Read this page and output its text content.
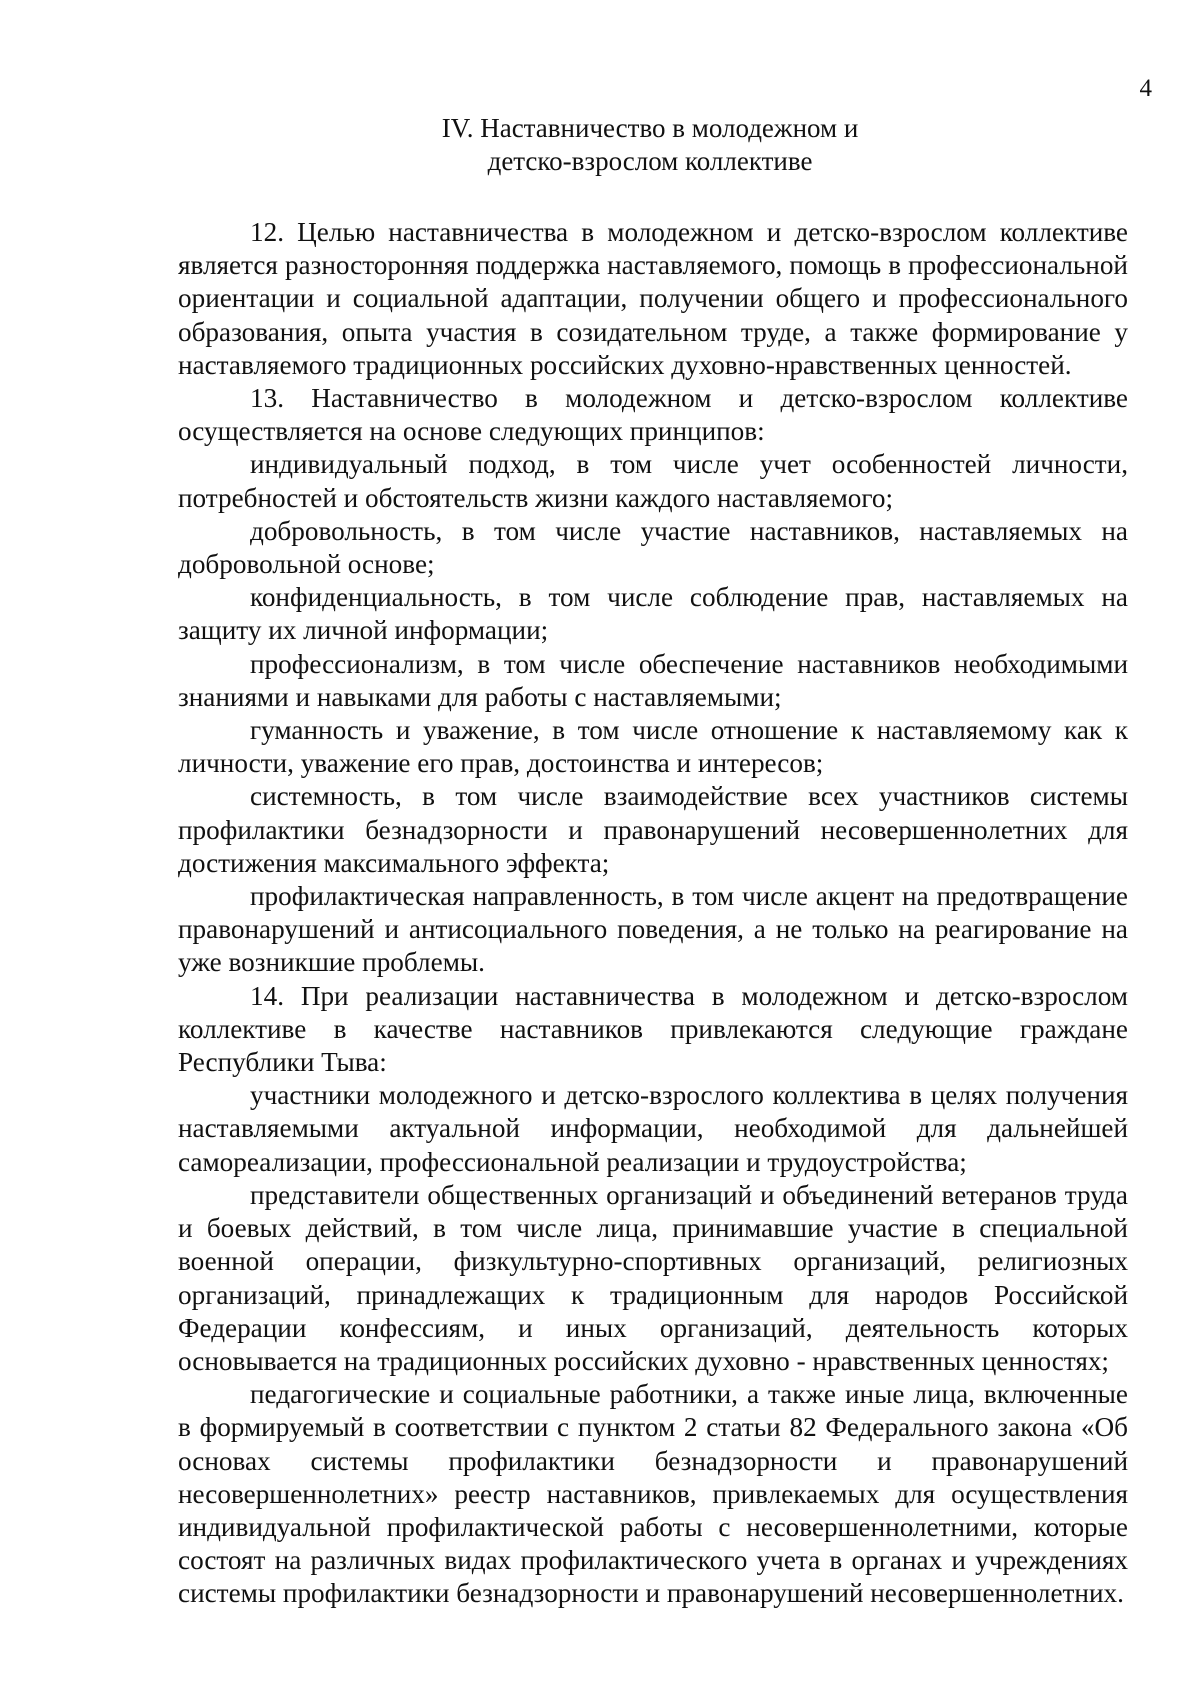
4
IV. Наставничество в молодежном и
детско-взрослом коллективе

12. Целью наставничества в молодежном и детско-взрослом коллективе является разносторонняя поддержка наставляемого, помощь в профессиональной ориентации и социальной адаптации, получении общего и профессионального образования, опыта участия в созидательном труде, а также формирование у наставляемого традиционных российских духовно-нравственных ценностей.

13. Наставничество в молодежном и детско-взрослом коллективе осуществляется на основе следующих принципов:

индивидуальный подход, в том числе учет особенностей личности, потребностей и обстоятельств жизни каждого наставляемого;

добровольность, в том числе участие наставников, наставляемых на добровольной основе;

конфиденциальность, в том числе соблюдение прав, наставляемых на защиту их личной информации;

профессионализм, в том числе обеспечение наставников необходимыми знаниями и навыками для работы с наставляемыми;

гуманность и уважение, в том числе отношение к наставляемому как к личности, уважение его прав, достоинства и интересов;

системность, в том числе взаимодействие всех участников системы профилактики безнадзорности и правонарушений несовершеннолетних для достижения максимального эффекта;

профилактическая направленность, в том числе акцент на предотвращение правонарушений и антисоциального поведения, а не только на реагирование на уже возникшие проблемы.

14. При реализации наставничества в молодежном и детско-взрослом коллективе в качестве наставников привлекаются следующие граждане Республики Тыва:

участники молодежного и детско-взрослого коллектива в целях получения наставляемыми актуальной информации, необходимой для дальнейшей самореализации, профессиональной реализации и трудоустройства;

представители общественных организаций и объединений ветеранов труда и боевых действий, в том числе лица, принимавшие участие в специальной военной операции, физкультурно-спортивных организаций, религиозных организаций, принадлежащих к традиционным для народов Российской Федерации конфессиям, и иных организаций, деятельность которых основывается на традиционных российских духовно - нравственных ценностях;

педагогические и социальные работники, а также иные лица, включенные в формируемый в соответствии с пунктом 2 статьи 82 Федерального закона «Об основах системы профилактики безнадзорности и правонарушений несовершеннолетних» реестр наставников, привлекаемых для осуществления индивидуальной профилактической работы с несовершеннолетними, которые состоят на различных видах профилактического учета в органах и учреждениях системы профилактики безнадзорности и правонарушений несовершеннолетних.
